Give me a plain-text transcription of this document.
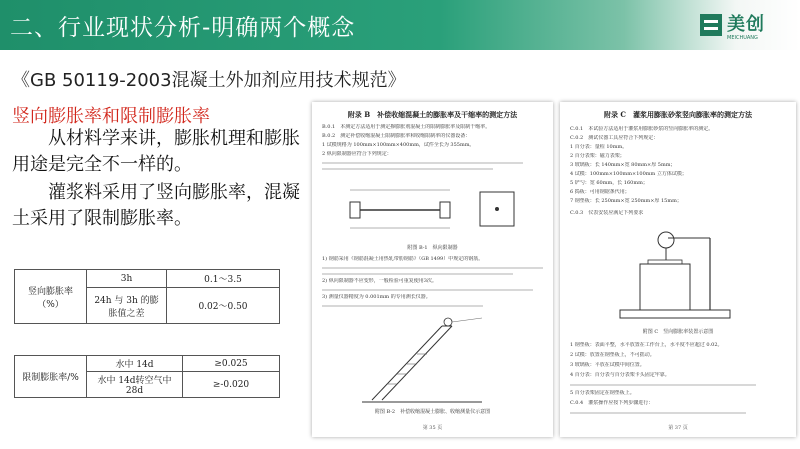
二、行业现状分析-明确两个概念	美创
MEICHUANG
《GB 50119-2003混凝土外加剂应用技术规范》
竖向膨胀率和限制膨胀率
　　从材料学来讲，膨胀机理和膨胀用途是完全不一样的。
　　灌浆料采用了竖向膨胀率，混凝土采用了限制膨胀率。
竖向膨胀率（%）	3h	0.1～3.5
	24h 与 3h 的膨胀值之差	0.02～0.50
限制膨胀率/%	水中 14d	≥0.025
	水中 14d转空气中 28d	≥-0.020
附录 B　补偿收缩混凝土的膨胀率及干缩率的测定方法
B.0.1　本测定方法适用于测定掺膨胀剂混凝土的限制膨胀率及限制干缩率。
B.0.2　测定补偿收缩混凝土限制膨胀率和收缩限制率的仪器设备：
1 试模规格为 100mm×100mm×400mm，试件全长为 355mm。
2 纵向限制器应符合下列规定：
附图 B-1　纵向限制器
1) 钢筋采用《钢筋混凝土用热轧带肋钢筋》（GB 1499）中规定的钢筋。
2) 纵向限制器不应变形，一般检验可重复使用3次。
3) 测量仪器精度为 0.001mm 的专用测长仪器。
附图 B-2　补偿收缩混凝土膨胀、收缩测量仪示意图
第 35 页
附录 C　灌浆用膨胀砂浆竖向膨胀率的测定方法
C.0.1　本试验方法适用于灌浆用膨胀砂浆的竖向膨胀率的测定。
C.0.2　测试仪器工具应符合下列规定：
1 百分表：量程 10mm。
2 百分表架：磁力表架；
3 玻璃板：长 140mm×宽 80mm×厚 5mm；
4 试模：100mm×100mm×100mm 立方体试模；
5 铲勺：宽 60mm，长 160mm；
6 捣板：可用钢锯条代用；
7 钢垫板：长 250mm×宽 250mm×厚 15mm；
C.0.3　仪表安装应满足下列要求
附图 C　竖向膨胀率装置示意图
1 钢垫板：表面平整，水平放置在工作台上，水平度不应超过 0.02。
2 试模：放置在钢垫板上，不可摇动。
3 玻璃板：平放在试模中间位置。
4 百分表：百分表与百分表架卡头固定牢靠。
5 百分表架固定在钢垫板上。
C.0.4　灌浆操作应按下列步骤进行：
第 37 页
